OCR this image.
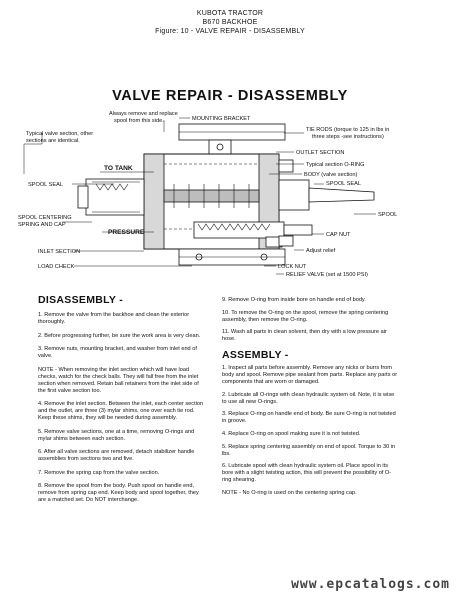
KUBOTA TRACTOR
B670 BACKHOE
Figure: 10 - VALVE REPAIR - DISASSEMBLY
VALVE REPAIR - DISASSEMBLY
Always remove and replace
spool from this side.	MOUNTING BRACKET
Typical valve section, other
sections are identical.
TIE RODS (torque to 125 in lbs in
three steps -see instructions)
OUTLET SECTION
TO TANK	Typical section O-RING
BODY (valve section)
SPOOL SEAL	SPOOL SEAL
SPOOL CENTERING
SPRING AND CAP
PRESSURE
SPOOL
CAP NUT
INLET SECTION	Adjust relief
LOAD CHECK	LOCK NUT
RELIEF VALVE (set at 1500 PSI)
DISASSEMBLY -
1. Remove the valve from the backhoe and clean the exterior thoroughly.
2. Before progressing further, be sure the work area is very clean.
3. Remove nuts, mounting bracket, and washer from inlet end of valve.
NOTE - When removing the inlet section which will have load checks, watch for the check balls. They will fall free from the inlet section when removed. Retain ball retainers from the inlet side of the first valve section too.
4. Remove the inlet section. Between the inlet, each center section and the outlet, are three (3) mylar shims, one over each tie rod. Keep these shims, they will be needed during assembly.
5. Remove valve sections, one at a time, removing O-rings and mylar shims between each section.
6. After all valve sections are removed, detach stabilizer handle assemblies from sections two and five.
7. Remove the spring cap from the valve section.
8. Remove the spool from the body. Push spool on handle end, remove from spring cap end. Keep body and spool together, they are a matched set. Do NOT interchange.
9. Remove O-ring from inside bore on handle end of body.
10. To remove the O-ring on the spool, remove the spring centering assembly, then remove the O-ring.
11. Wash all parts in clean solvent, then dry with a low pressure air hose.
ASSEMBLY -
1. Inspect all parts before assembly. Remove any nicks or burrs from body and spool. Remove pipe sealant from parts. Replace any parts or components that are worn or damaged.
2. Lubricate all O-rings with clean hydraulic system oil. Note, it is wise to use all new O-rings.
3. Replace O-ring on handle end of body. Be sure O-ring is not twisted in groove.
4. Replace O-ring on spool making sure it is not twisted.
5. Replace spring centering assembly on end of spool. Torque to 30 in lbs.
6. Lubricate spool with clean hydraulic system oil. Place spool in its bore with a slight twisting action, this will prevent the possibility of O-ring shearing.
NOTE - No O-ring is used on the centering spring cap.
www.epcatalogs.com
